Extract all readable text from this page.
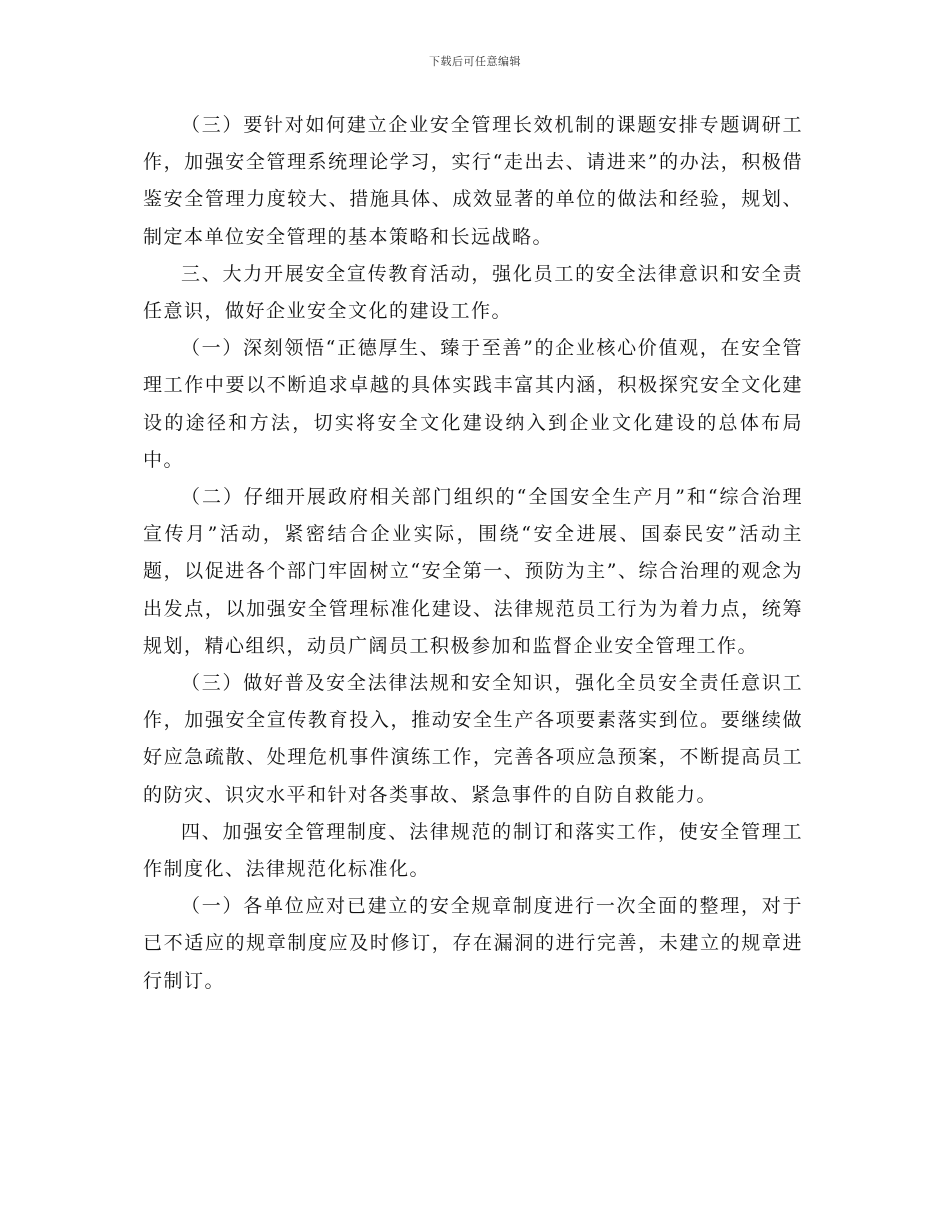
下载后可任意编辑

（三）要针对如何建立企业安全管理长效机制的课题安排专题调研工作，加强安全管理系统理论学习，实行“走出去、请进来”的办法，积极借鉴安全管理力度较大、措施具体、成效显著的单位的做法和经验，规划、制定本单位安全管理的基本策略和长远战略。

三、大力开展安全宣传教育活动，强化员工的安全法律意识和安全责任意识，做好企业安全文化的建设工作。

（一）深刻领悟“正德厚生、臻于至善”的企业核心价值观，在安全管理工作中要以不断追求卓越的具体实践丰富其内涵，积极探究安全文化建设的途径和方法，切实将安全文化建设纳入到企业文化建设的总体布局中。

（二）仔细开展政府相关部门组织的“全国安全生产月”和“综合治理宣传月”活动，紧密结合企业实际，围绕“安全进展、国泰民安”活动主题，以促进各个部门牢固树立“安全第一、预防为主”、综合治理的观念为出发点，以加强安全管理标准化建设、法律规范员工行为为着力点，统筹规划，精心组织，动员广阔员工积极参加和监督企业安全管理工作。

（三）做好普及安全法律法规和安全知识，强化全员安全责任意识工作，加强安全宣传教育投入，推动安全生产各项要素落实到位。要继续做好应急疏散、处理危机事件演练工作，完善各项应急预案，不断提高员工的防灾、识灾水平和针对各类事故、紧急事件的自防自救能力。

四、加强安全管理制度、法律规范的制订和落实工作，使安全管理工作制度化、法律规范化标准化。

（一）各单位应对已建立的安全规章制度进行一次全面的整理，对于已不适应的规章制度应及时修订，存在漏洞的进行完善，未建立的规章进行制订。
